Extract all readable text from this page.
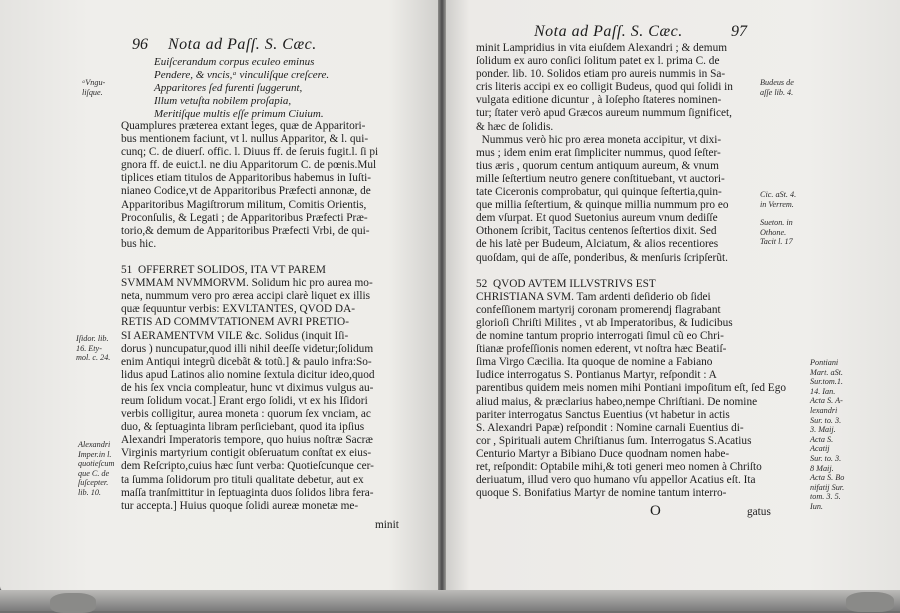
96 Nota ad Paſſ. S. Cæc.
Euiſcerandum corpus eculeo eminus
Pendere, & vncis,ᵃ vinculiſque creſcere.
Apparitores ſed furenti ſuggerunt,
Illum vetuſta nobilem proſapia,
Meritiſque multis eſſe primum Ciuium.
Quamplures præterea extant leges, quæ de Apparitori-
bus mentionem faciunt, vt l. nullus Apparitor, & l. qui-
cunq; C. de diuerſ. offic. l. Diuus ff. de ſeruis fugit.l. ſi pi
gnora ff. de euict.l. ne diu Apparitorum C. de pœnis.Mul
tiplices etiam titulos de Apparitoribus habemus in Iuſti-
nianeo Codice,vt de Apparitoribus Præfecti annonæ, de
Apparitoribus Magiſtrorum militum, Comitis Orientis,
Proconſulis, & Legati ; de Apparitoribus Præfecti Præ-
torio,& demum de Apparitoribus Præfecti Vrbi, de qui-
bus hic.
51  OFFERRET SOLIDOS, ITA VT PAREM
SVMMAM NVMMORVM. Solidum hic pro aurea mo-
neta, nummum vero pro ærea accipi clarè liquet ex illis
quæ ſequuntur verbis: EXVLTANTES, QVOD DA-
RETIS AD COMMVTATIONEM AVRI PRETIO-
SI AERAMENTVM VILE &c. Solidus (inquit Iſi-
dorus ) nuncupatur,quod illi nihil deeſſe videtur;ſolidum
enim Antiqui integrũ dicebãt & totũ.] & paulo infra:So-
lidus apud Latinos alio nomine ſextula dicitur ideo,quod
de his ſex vncia compleatur, hunc vt diximus vulgus au-
reum ſolidum vocat.] Erant ergo ſolidi, vt ex his Iſidori
verbis colligitur, aurea moneta : quorum ſex vnciam, ac
duo, & ſeptuaginta libram perſiciebant, quod ita ipſius
Alexandri Imperatoris tempore, quo huius noſtræ Sacræ
Virginis martyrium contigit obſeruatum conſtat ex eius-
dem Reſcripto,cuius hæc ſunt verba: Quotieſcunque cer-
ta ſumma ſolidorum pro tituli qualitate debetur, aut ex
maſſa tranſmittitur in ſeptuaginta duos ſolidos libra fera-
tur accepta.] Huius quoque ſolidi aureæ monetæ me-
minit
ᵃVngu-
liſque.
Iſidor. lib.
16. Ety-
mol. c. 24.
Alexandri
Imper.in l.
quotieſcum
que C. de
ſuſcepter.
lib. 10.
Nota ad Paſſ. S. Cæc.	97
minit Lampridius in vita eiuſdem Alexandri ; & demum
ſolidum ex auro conſici ſolitum patet ex l. prima C. de
ponder. lib. 10. Solidos etiam pro aureis nummis in Sa-
cris literis accipi ex eo colligit Budeus, quod qui ſolidi in
vulgata editione dicuntur , à Ioſepho ſtateres nominen-
tur; ſtater verò apud Græcos aureum nummum ſignificet,
& hæc de ſolidis.
Nummus verò hic pro ærea moneta accipitur, vt dixi-
mus ; idem enim erat ſimpliciter nummus, quod ſeſter-
tius æris , quorum centum antiquum aureum, & vnum
mille ſeſtertium neutro genere conſtituebant, vt auctori-
tate Ciceronis comprobatur, qui quinque ſeſtertia,quin-
que millia ſeſtertium, & quinque millia nummum pro eo
dem vſurpat. Et quod Suetonius aureum vnum dediſſe
Othonem ſcribit, Tacitus centenos ſeſtertios dixit. Sed
de his latè per Budeum, Alciatum, & alios recentiores
quoſdam, qui de aſſe, ponderibus, & menſuris ſcripſerũt.
52  QVOD AVTEM ILLVSTRIVS EST
CHRISTIANA SVM. Tam ardenti deſiderio ob ſidei
confeſſionem martyrij coronam promerendj flagrabant
glorioſi Chriſti Milites , vt ab Imperatoribus, & Iudicibus
de nomine tantum proprio interrogati ſimul cũ eo Chri-
ſtianæ profeſſionis nomen ederent, vt noſtra hæc Beatiſ-
ſima Virgo Cæcilia. Ita quoque de nomine a Fabiano
Iudice interrogatus S. Pontianus Martyr, reſpondit : A
parentibus quidem meis nomen mihi Pontiani impoſitum eſt, ſed Ego
aliud maius, & præclarius habeo,nempe Chriſtiani. De nomine
pariter interrogatus Sanctus Euentius (vt habetur in actis
S. Alexandri Papæ) reſpondit : Nomine carnali Euentius di-
cor , Spirituali autem Chriſtianus ſum. Interrogatus S.Acatius
Centurio Martyr a Bibiano Duce quodnam nomen habe-
ret, reſpondit: Optabile mihi,& toti generi meo nomen à Chriſto
deriuatum, illud vero quo humano vſu appellor Acatius eſt. Ita
quoque S. Bonifatius Martyr de nomine tantum interro-
O	gatus
Budeus de
aſſe lib. 4.
Cic. aSt. 4.
in Verrem.
Sueton. in
Othone.
Tacit l. 17
Pontiani
Mart. aSt.
Sur.tom.1.
14. Ian.
Acta S. A-
lexandri
Sur. to. 3.
3. Maij.
Acta S.
Acatij
Sur. to. 3.
8 Maij.
Acta S. Bo
nifatij Sur.
tom. 3. 5.
Iun.
